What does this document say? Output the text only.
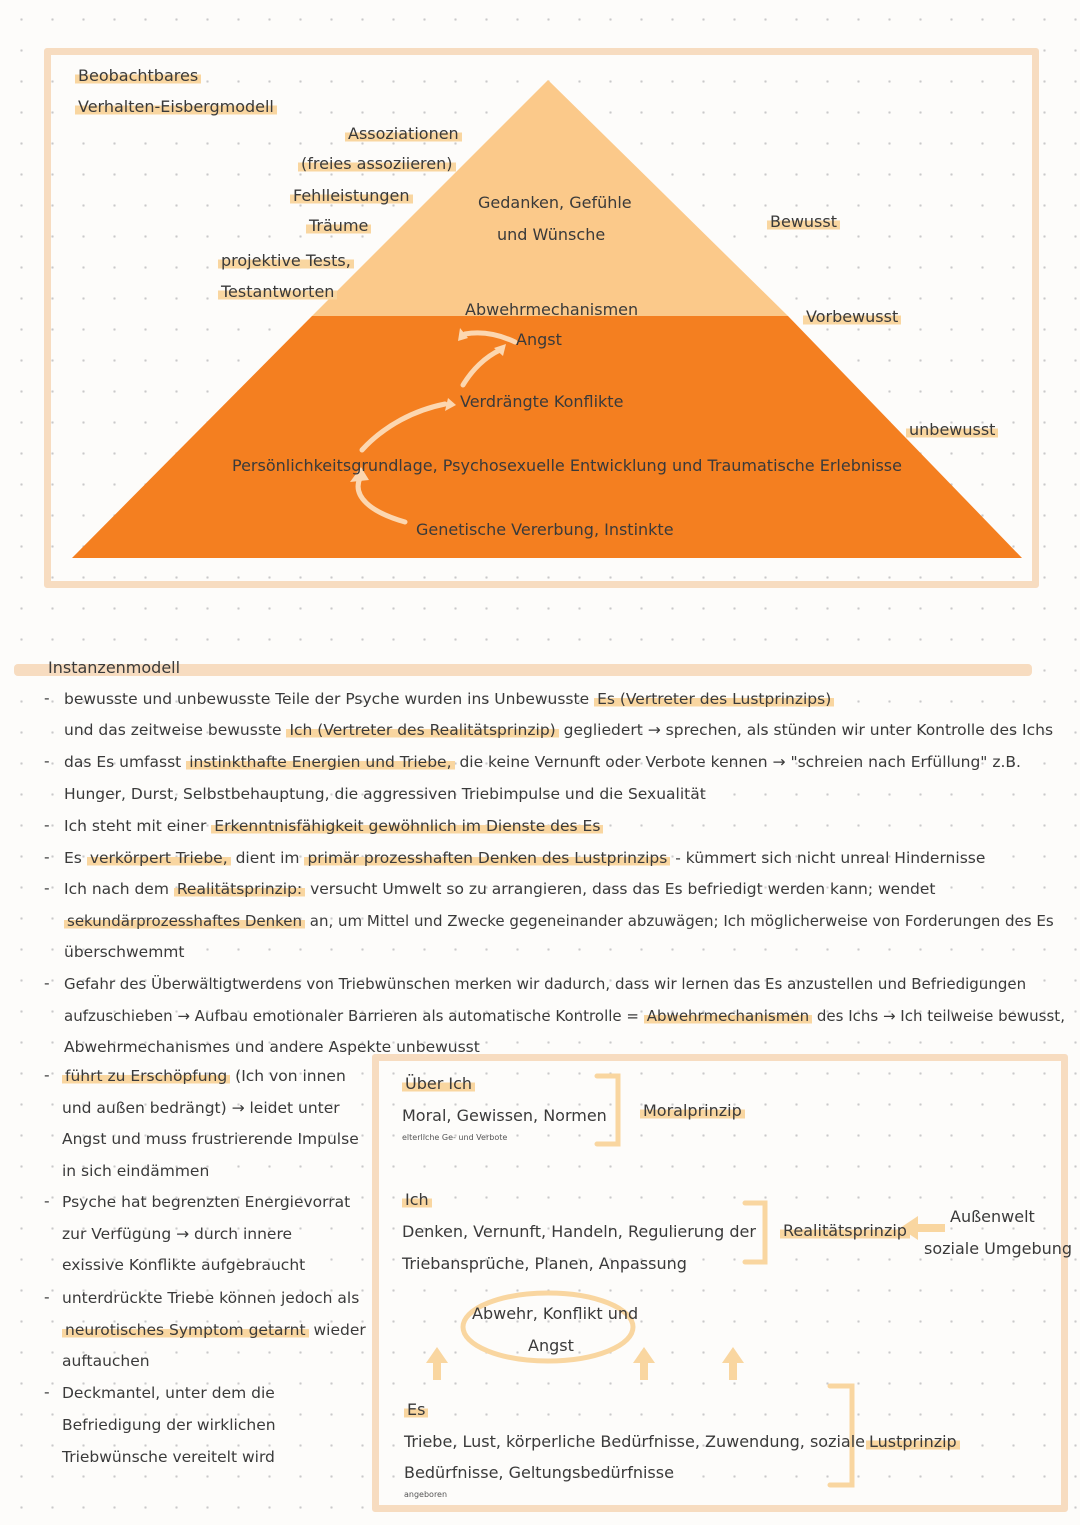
Beobachtbares
Verhalten-Eisbergmodell
Assoziationen
(freies assoziieren)
Fehlleistungen
Träume
projektive Tests,
Testantworten
Gedanken, Gefühle
und Wünsche
Abwehrmechanismen
Angst
Verdrängte Konflikte
Persönlichkeitsgrundlage, Psychosexuelle Entwicklung und Traumatische Erlebnisse
Genetische Vererbung, Instinkte
Bewusst
Vorbewusst
unbewusst
Instanzenmodell
- bewusste und unbewusste Teile der Psyche wurden ins Unbewusste Es (Vertreter des Lustprinzips)
und das zeitweise bewusste Ich (Vertreter des Realitätsprinzip) gegliedert → sprechen, als stünden wir unter Kontrolle des Ichs
- das Es umfasst instinkthafte Energien und Triebe, die keine Vernunft oder Verbote kennen → "schreien nach Erfüllung" z.B.
Hunger, Durst, Selbstbehauptung, die aggressiven Triebimpulse und die Sexualität
- Ich steht mit einer Erkenntnisfähigkeit gewöhnlich im Dienste des Es
- Es verkörpert Triebe, dient im primär prozesshaften Denken des Lustprinzips - kümmert sich nicht unreal Hindernisse
- Ich nach dem Realitätsprinzip: versucht Umwelt so zu arrangieren, dass das Es befriedigt werden kann; wendet
sekundärprozesshaftes Denken an, um Mittel und Zwecke gegeneinander abzuwägen; Ich möglicherweise von Forderungen des Es
überschwemmt
- Gefahr des Überwältigtwerdens von Triebwünschen merken wir dadurch, dass wir lernen das Es anzustellen und Befriedigungen
aufzuschieben → Aufbau emotionaler Barrieren als automatische Kontrolle = Abwehrmechanismen des Ichs → Ich teilweise bewusst,
Abwehrmechanismes und andere Aspekte unbewusst
- führt zu Erschöpfung (Ich von innen
und außen bedrängt) → leidet unter
Angst und muss frustrierende Impulse
in sich eindämmen
- Psyche hat begrenzten Energievorrat
zur Verfügung → durch innere
exissive Konflikte aufgebraucht
- unterdrückte Triebe können jedoch als
neurotisches Symptom getarnt wieder
auftauchen
- Deckmantel, unter dem die
Befriedigung der wirklichen
Triebwünsche vereitelt wird
Über Ich
Moral, Gewissen, Normen
elterliche Ge- und Verbote
Moralprinzip
Ich
Denken, Vernunft, Handeln, Regulierung der
Triebansprüche, Planen, Anpassung
Realitätsprinzip
Außenwelt
soziale Umgebung
Abwehr, Konflikt und
Angst
Es
Triebe, Lust, körperliche Bedürfnisse, Zuwendung, soziale
Bedürfnisse, Geltungsbedürfnisse
angeboren
Lustprinzip
